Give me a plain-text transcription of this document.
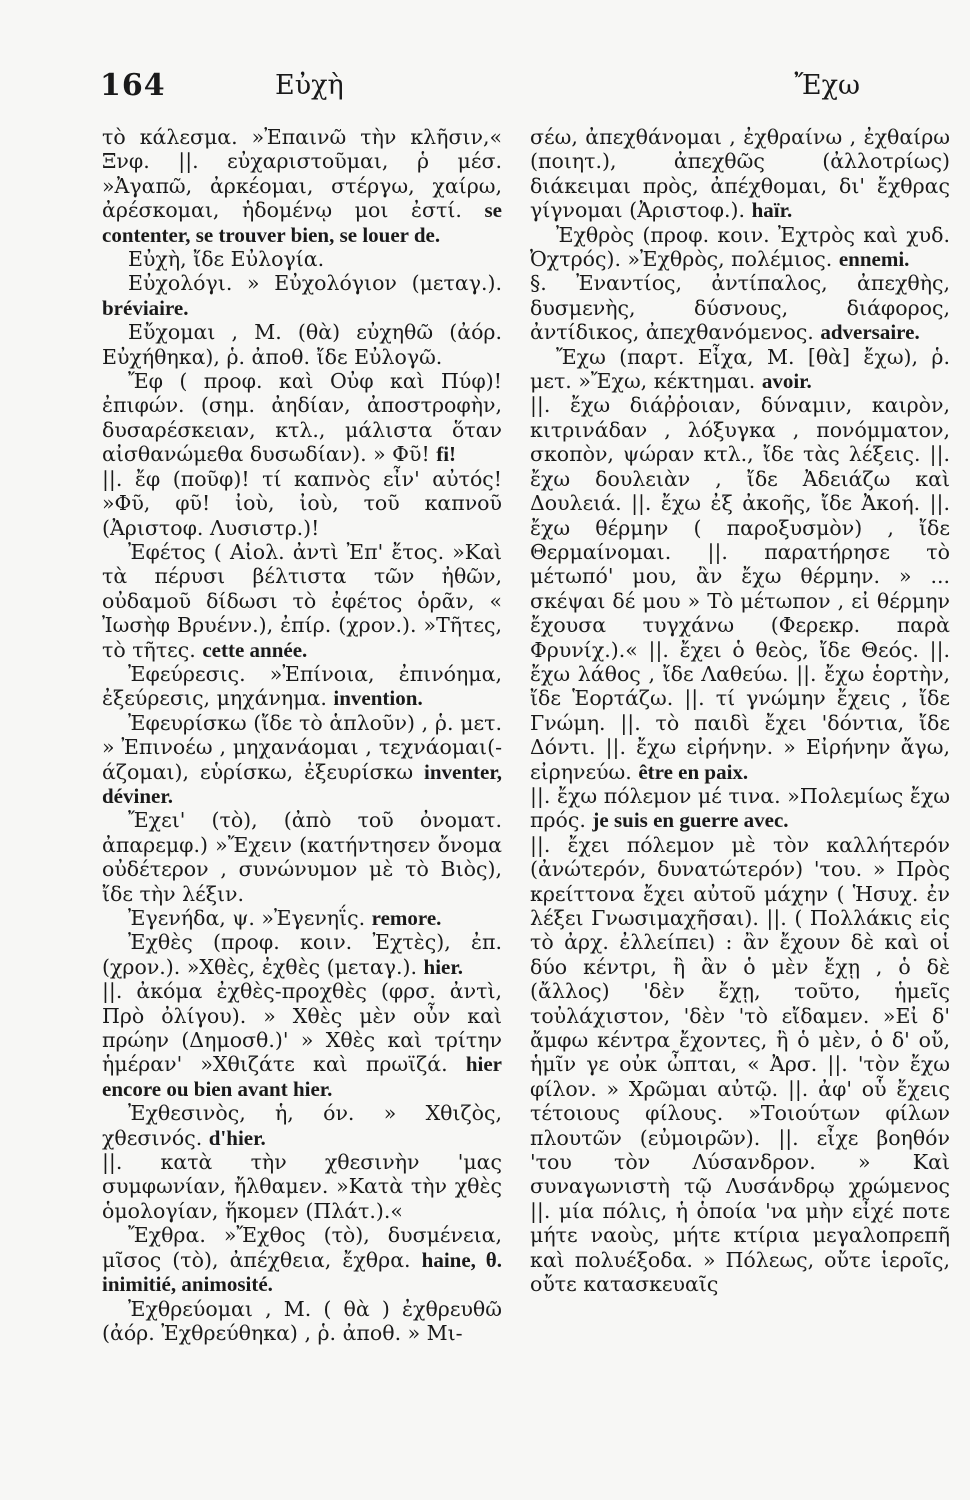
164	Εὐχὴ	Ἔχω

τὸ κάλεσμα. »Ἐπαινῶ τὴν κλῆσιν,« Ξνφ. ||. εὐχαριστοῦμαι, ῥ μέσ. »Ἀγαπῶ, ἀρκέομαι, στέργω, χαίρω, ἀρέσκομαι, ἡδομένῳ μοι ἐστί. se contenter, se trouver bien, se louer de.

Εὐχὴ, ἴδε Εὐλογία.

Εὐχολόγι. » Εὐχολόγιον (μεταγ.). bréviaire.

Εὔχομαι , Μ. (θὰ) εὐχηθῶ (ἀόρ. Εὐχήθηκα), ῥ. ἀποθ. ἴδε Εὐλογῶ.

Ἔφ ( προφ. καὶ Οὐφ καὶ Πύφ)! ἐπιφών. (σημ. ἀηδίαν, ἀποστροφὴν, δυσαρέσκειαν, κτλ., μάλιστα ὅταν αἰσθανώμεθα δυσωδίαν). » Φῦ! fi!

||. ἔφ (ποῦφ)! τί καπνὸς εἶν' αὐτός! »Φῦ, φῦ! ἰοὺ, ἰοὺ, τοῦ καπνοῦ (Ἀριστοφ. Λυσιστρ.)!

Ἐφέτος ( Αἰολ. ἀντὶ Ἐπ' ἔτος. »Καὶ τὰ πέρυσι βέλτιστα τῶν ἠθῶν, οὐδαμοῦ δίδωσι τὸ ἐφέτος ὁρᾶν, « Ἰωσὴφ Βρυένν.), ἐπίρ. (χρον.). »Τῆτες, τὸ τῆτες. cette année.

Ἐφεύρεσις. »Ἐπίνοια, ἐπινόημα, ἐξεύρεσις, μηχάνημα. invention.

Ἐφευρίσκω (ἴδε τὸ ἁπλοῦν) , ῥ. μετ. » Ἐπινοέω , μηχανάομαι , τεχνάομαι(-άζομαι), εὑρίσκω, ἐξευρίσκω inventer, déviner.

Ἔχει' (τὸ), (ἀπὸ τοῦ ὀνοματ. ἀπαρεμφ.) »Ἔχειν (κατήντησεν ὄνομα οὐδέτερον , συνώνυμον μὲ τὸ Βιὸς), ἴδε τὴν λέξιν.

Ἐγενήδα, ψ. »Ἐγενηΐς. remore.

Ἐχθὲς (προφ. κοιν. Ἐχτὲς), ἐπ. (χρον.). »Χθὲς, ἐχθὲς (μεταγ.). hier.

||. ἀκόμα ἐχθὲς-προχθὲς (φρσ. ἀντὶ, Πρὸ ὀλίγου). » Χθὲς μὲν οὖν καὶ πρώην (Δημοσθ.)' » Χθὲς καὶ τρίτην ἡμέραν' »Χθιζάτε καὶ πρωϊζά. hier encore ou bien avant hier.

Ἐχθεσινὸς, ἡ, όν. » Χθιζὸς, χθεσινός. d'hier.

||. κατὰ τὴν χθεσινὴν 'μας συμφωνίαν, ἤλθαμεν. »Κατὰ τὴν χθὲς ὁμολογίαν, ἥκομεν (Πλάτ.).«

Ἔχθρα. »Ἔχθος (τὸ), δυσμένεια, μῖσος (τὸ), ἀπέχθεια, ἔχθρα. haine, θ. inimitié, animosité.

Ἐχθρεύομαι , Μ. ( θὰ ) ἐχθρευθῶ (ἀόρ. Ἐχθρεύθηκα) , ῥ. ἀποθ. » Μι-

σέω, ἀπεχθάνομαι , ἐχθραίνω , ἐχθαίρω (ποιητ.), ἀπεχθῶς (ἀλλοτρίως) διάκειμαι πρὸς, ἀπέχθομαι, δι' ἔχθρας γίγνομαι (Ἀριστοφ.). haïr.

Ἐχθρὸς (προφ. κοιν. Ἐχτρὸς καὶ χυδ. Ὀχτρός). »Ἐχθρὸς, πολέμιος. ennemi.

§. Ἐναντίος, ἀντίπαλος, ἀπεχθὴς, δυσμενὴς, δύσνους, διάφορος, ἀντίδικος, ἀπεχθανόμενος. adversaire.

Ἔχω (παρτ. Εἶχα, Μ. [θὰ] ἔχω), ῥ. μετ. »Ἔχω, κέκτημαι. avoir.

||. ἔχω διάῤῥοιαν, δύναμιν, καιρὸν, κιτρινάδαν , λόξυγκα , πονόμματον, σκοπὸν, ψώραν κτλ., ἴδε τὰς λέξεις. ||. ἔχω δουλειὰν , ἴδε Ἀδειάζω καὶ Δουλειά. ||. ἔχω ἐξ ἀκοῆς, ἴδε Ἀκοή. ||. ἔχω θέρμην ( παροξυσμὸν) , ἴδε Θερμαίνομαι. ||. παρατήρησε τὸ μέτωπό' μου, ἂν ἔχω θέρμην. » ... σκέψαι δέ μου » Τὸ μέτωπον , εἰ θέρμην ἔχουσα τυγχάνω (Φερεκρ. παρὰ Φρυνίχ.).« ||. ἔχει ὁ θεὸς, ἴδε Θεός. ||. ἔχω λάθος , ἴδε Λαθεύω. ||. ἔχω ἑορτὴν, ἴδε Ἑορτάζω. ||. τί γνώμην ἔχεις , ἴδε Γνώμη. ||. τὸ παιδὶ ἔχει 'δόντια, ἴδε Δόντι. ||. ἔχω εἰρήνην. » Εἰρήνην ἄγω, εἰρηνεύω. être en paix.

||. ἔχω πόλεμον μέ τινα. »Πολεμίως ἔχω πρός. je suis en guerre avec.

||. ἔχει πόλεμον μὲ τὸν καλλήτερόν (ἀνώτερόν, δυνατώτερόν) 'του. » Πρὸς κρείττονα ἔχει αὐτοῦ μάχην ( Ἡσυχ. ἐν λέξει Γνωσιμαχῆσαι). ||. ( Πολλάκις εἰς τὸ ἀρχ. ἐλλείπει) : ἂν ἔχουν δὲ καὶ οἱ δύο κέντρι, ἢ ἂν ὁ μὲν ἔχῃ , ὁ δὲ (ἄλλος) 'δὲν ἔχῃ, τοῦτο, ἡμεῖς τοὐλάχιστον, 'δὲν 'τὸ εἴδαμεν. »Εἰ δ' ἄμφω κέντρα ἔχοντες, ἢ ὁ μὲν, ὁ δ' οὔ, ἡμῖν γε οὐκ ὦπται, « Ἀρσ. ||. 'τὸν ἔχω φίλον. » Χρῶμαι αὐτῷ. ||. ἀφ' οὗ ἔχεις τέτοιους φίλους. »Τοιούτων φίλων πλουτῶν (εὐμοιρῶν). ||. εἶχε βοηθόν 'του τὸν Λύσανδρον. » Καὶ συναγωνιστὴ τῷ Λυσάνδρῳ χρώμενος ||. μία πόλις, ἡ ὁποία 'να μὴν εἶχέ ποτε μήτε ναοὺς, μήτε κτίρια μεγαλοπρεπῆ καὶ πολυέξοδα. » Πόλεως, οὔτε ἱεροῖς, οὔτε κατασκευαῖς
